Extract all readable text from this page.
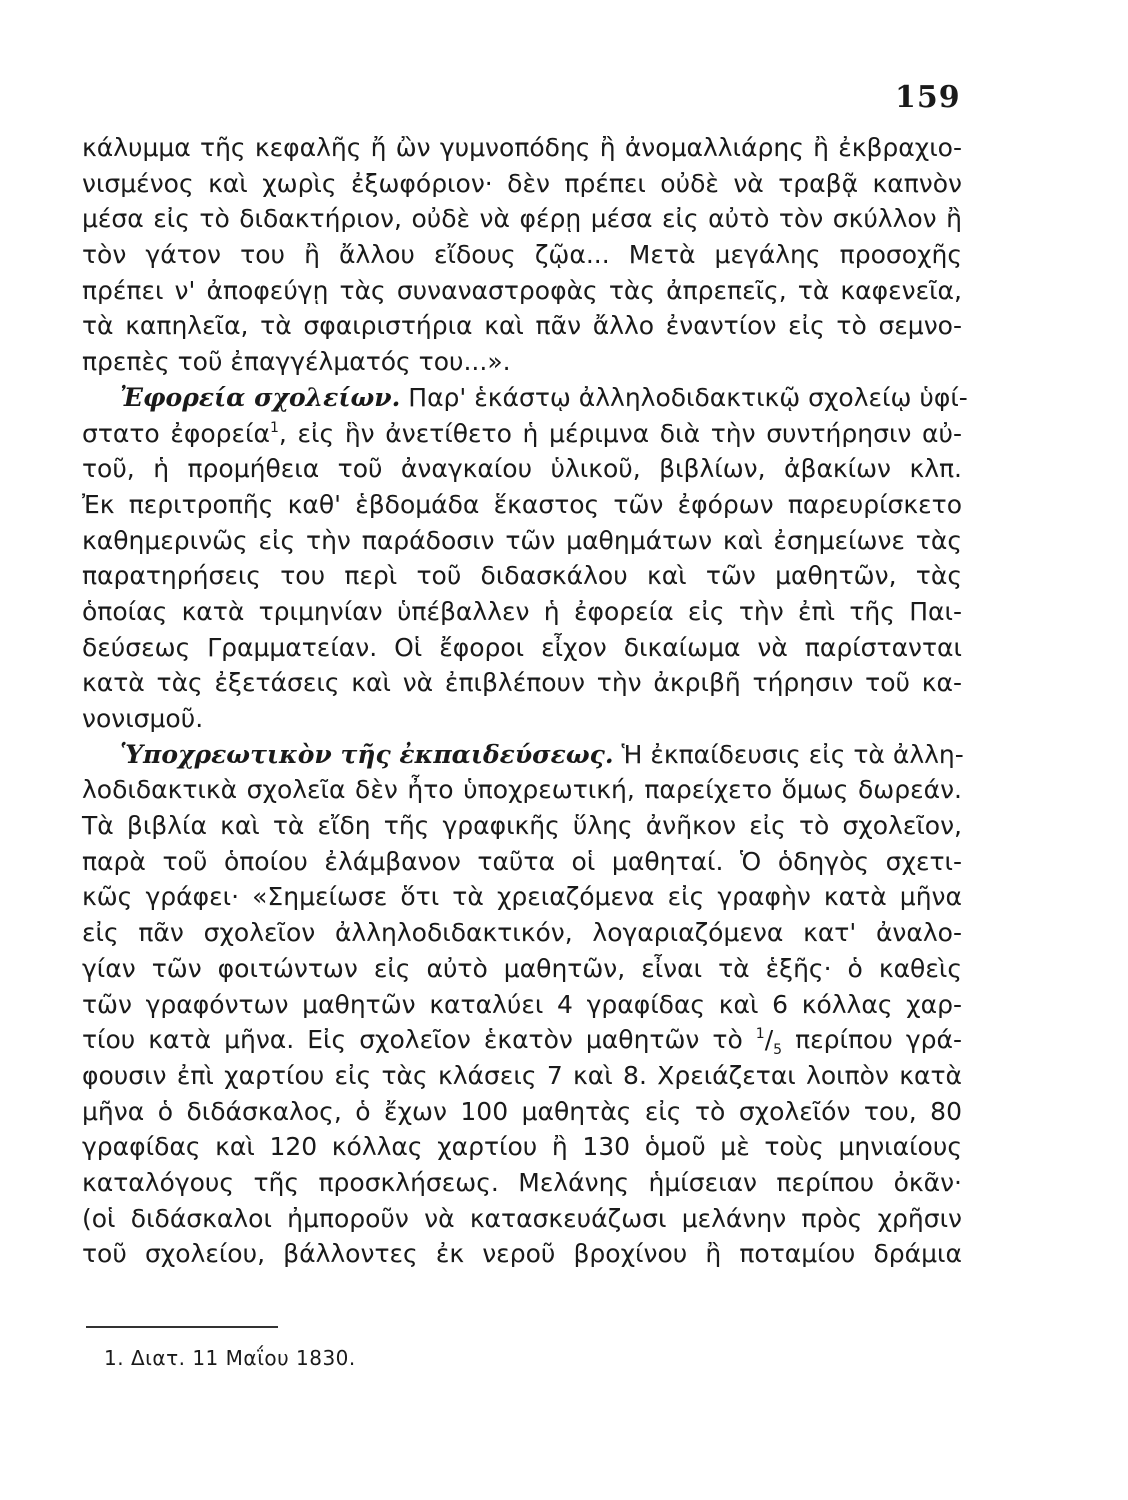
159
κάλυμμα τῆς κεφαλῆς ἤ ὢν γυμνοπόδης ἢ ἀνομαλλιάρης ἢ ἐκβραχιο-
νισμένος καὶ χωρὶς ἐξωφόριον· δὲν πρέπει οὐδὲ νὰ τραβᾷ καπνὸν
μέσα εἰς τὸ διδακτήριον, οὐδὲ νὰ φέρῃ μέσα εἰς αὐτὸ τὸν σκύλλον ἢ
τὸν γάτον του ἢ ἄλλου εἴδους ζῷα... Μετὰ μεγάλης προσοχῆς
πρέπει ν' ἀποφεύγῃ τὰς συναναστροφὰς τὰς ἀπρεπεῖς, τὰ καφενεῖα,
τὰ καπηλεῖα, τὰ σφαιριστήρια καὶ πᾶν ἄλλο ἐναντίον εἰς τὸ σεμνο-
πρεπὲς τοῦ ἐπαγγέλματός του...».
Ἐφορεία σχολείων. Παρ' ἑκάστῳ ἀλληλοδιδακτικῷ σχολείῳ ὑφί-
στατο ἐφορεία$^1$, εἰς ἣν ἀνετίθετο ἡ μέριμνα διὰ τὴν συντήρησιν αὐ-
τοῦ, ἡ προμήθεια τοῦ ἀναγκαίου ὑλικοῦ, βιβλίων, ἀβακίων κλπ.
Ἐκ περιτροπῆς καθ' ἑβδομάδα ἕκαστος τῶν ἐφόρων παρευρίσκετο
καθημερινῶς εἰς τὴν παράδοσιν τῶν μαθημάτων καὶ ἐσημείωνε τὰς
παρατηρήσεις του περὶ τοῦ διδασκάλου καὶ τῶν μαθητῶν, τὰς
ὁποίας κατὰ τριμηνίαν ὑπέβαλλεν ἡ ἐφορεία εἰς τὴν ἐπὶ τῆς Παι-
δεύσεως Γραμματείαν. Οἱ ἔφοροι εἶχον δικαίωμα νὰ παρίστανται
κατὰ τὰς ἐξετάσεις καὶ νὰ ἐπιβλέπουν τὴν ἀκριβῆ τήρησιν τοῦ κα-
νονισμοῦ.
Ὑποχρεωτικὸν τῆς ἐκπαιδεύσεως. Ἡ ἐκπαίδευσις εἰς τὰ ἀλλη-
λοδιδακτικὰ σχολεῖα δὲν ἦτο ὑποχρεωτική, παρείχετο ὅμως δωρεάν.
Τὰ βιβλία καὶ τὰ εἴδη τῆς γραφικῆς ὕλης ἀνῆκον εἰς τὸ σχολεῖον,
παρὰ τοῦ ὁποίου ἐλάμβανον ταῦτα οἱ μαθηταί. Ὁ ὁδηγὸς σχετι-
κῶς γράφει· «Σημείωσε ὅτι τὰ χρειαζόμενα εἰς γραφὴν κατὰ μῆνα
εἰς πᾶν σχολεῖον ἀλληλοδιδακτικόν, λογαριαζόμενα κατ' ἀναλο-
γίαν τῶν φοιτώντων εἰς αὐτὸ μαθητῶν, εἶναι τὰ ἑξῆς· ὁ καθεὶς
τῶν γραφόντων μαθητῶν καταλύει 4 γραφίδας καὶ 6 κόλλας χαρ-
τίου κατὰ μῆνα. Εἰς σχολεῖον ἑκατὸν μαθητῶν τὸ $^1/_5$ περίπου γρά-
φουσιν ἐπὶ χαρτίου εἰς τὰς κλάσεις 7 καὶ 8. Χρειάζεται λοιπὸν κατὰ
μῆνα ὁ διδάσκαλος, ὁ ἔχων 100 μαθητὰς εἰς τὸ σχολεῖόν του, 80
γραφίδας καὶ 120 κόλλας χαρτίου ἢ 130 ὁμοῦ μὲ τοὺς μηνιαίους
καταλόγους τῆς προσκλήσεως. Μελάνης ἡμίσειαν περίπου ὀκᾶν·
(οἱ διδάσκαλοι ἠμποροῦν νὰ κατασκευάζωσι μελάνην πρὸς χρῆσιν
τοῦ σχολείου, βάλλοντες ἐκ νεροῦ βροχίνου ἢ ποταμίου δράμια
1. Διατ. 11 Μαΐου 1830.
